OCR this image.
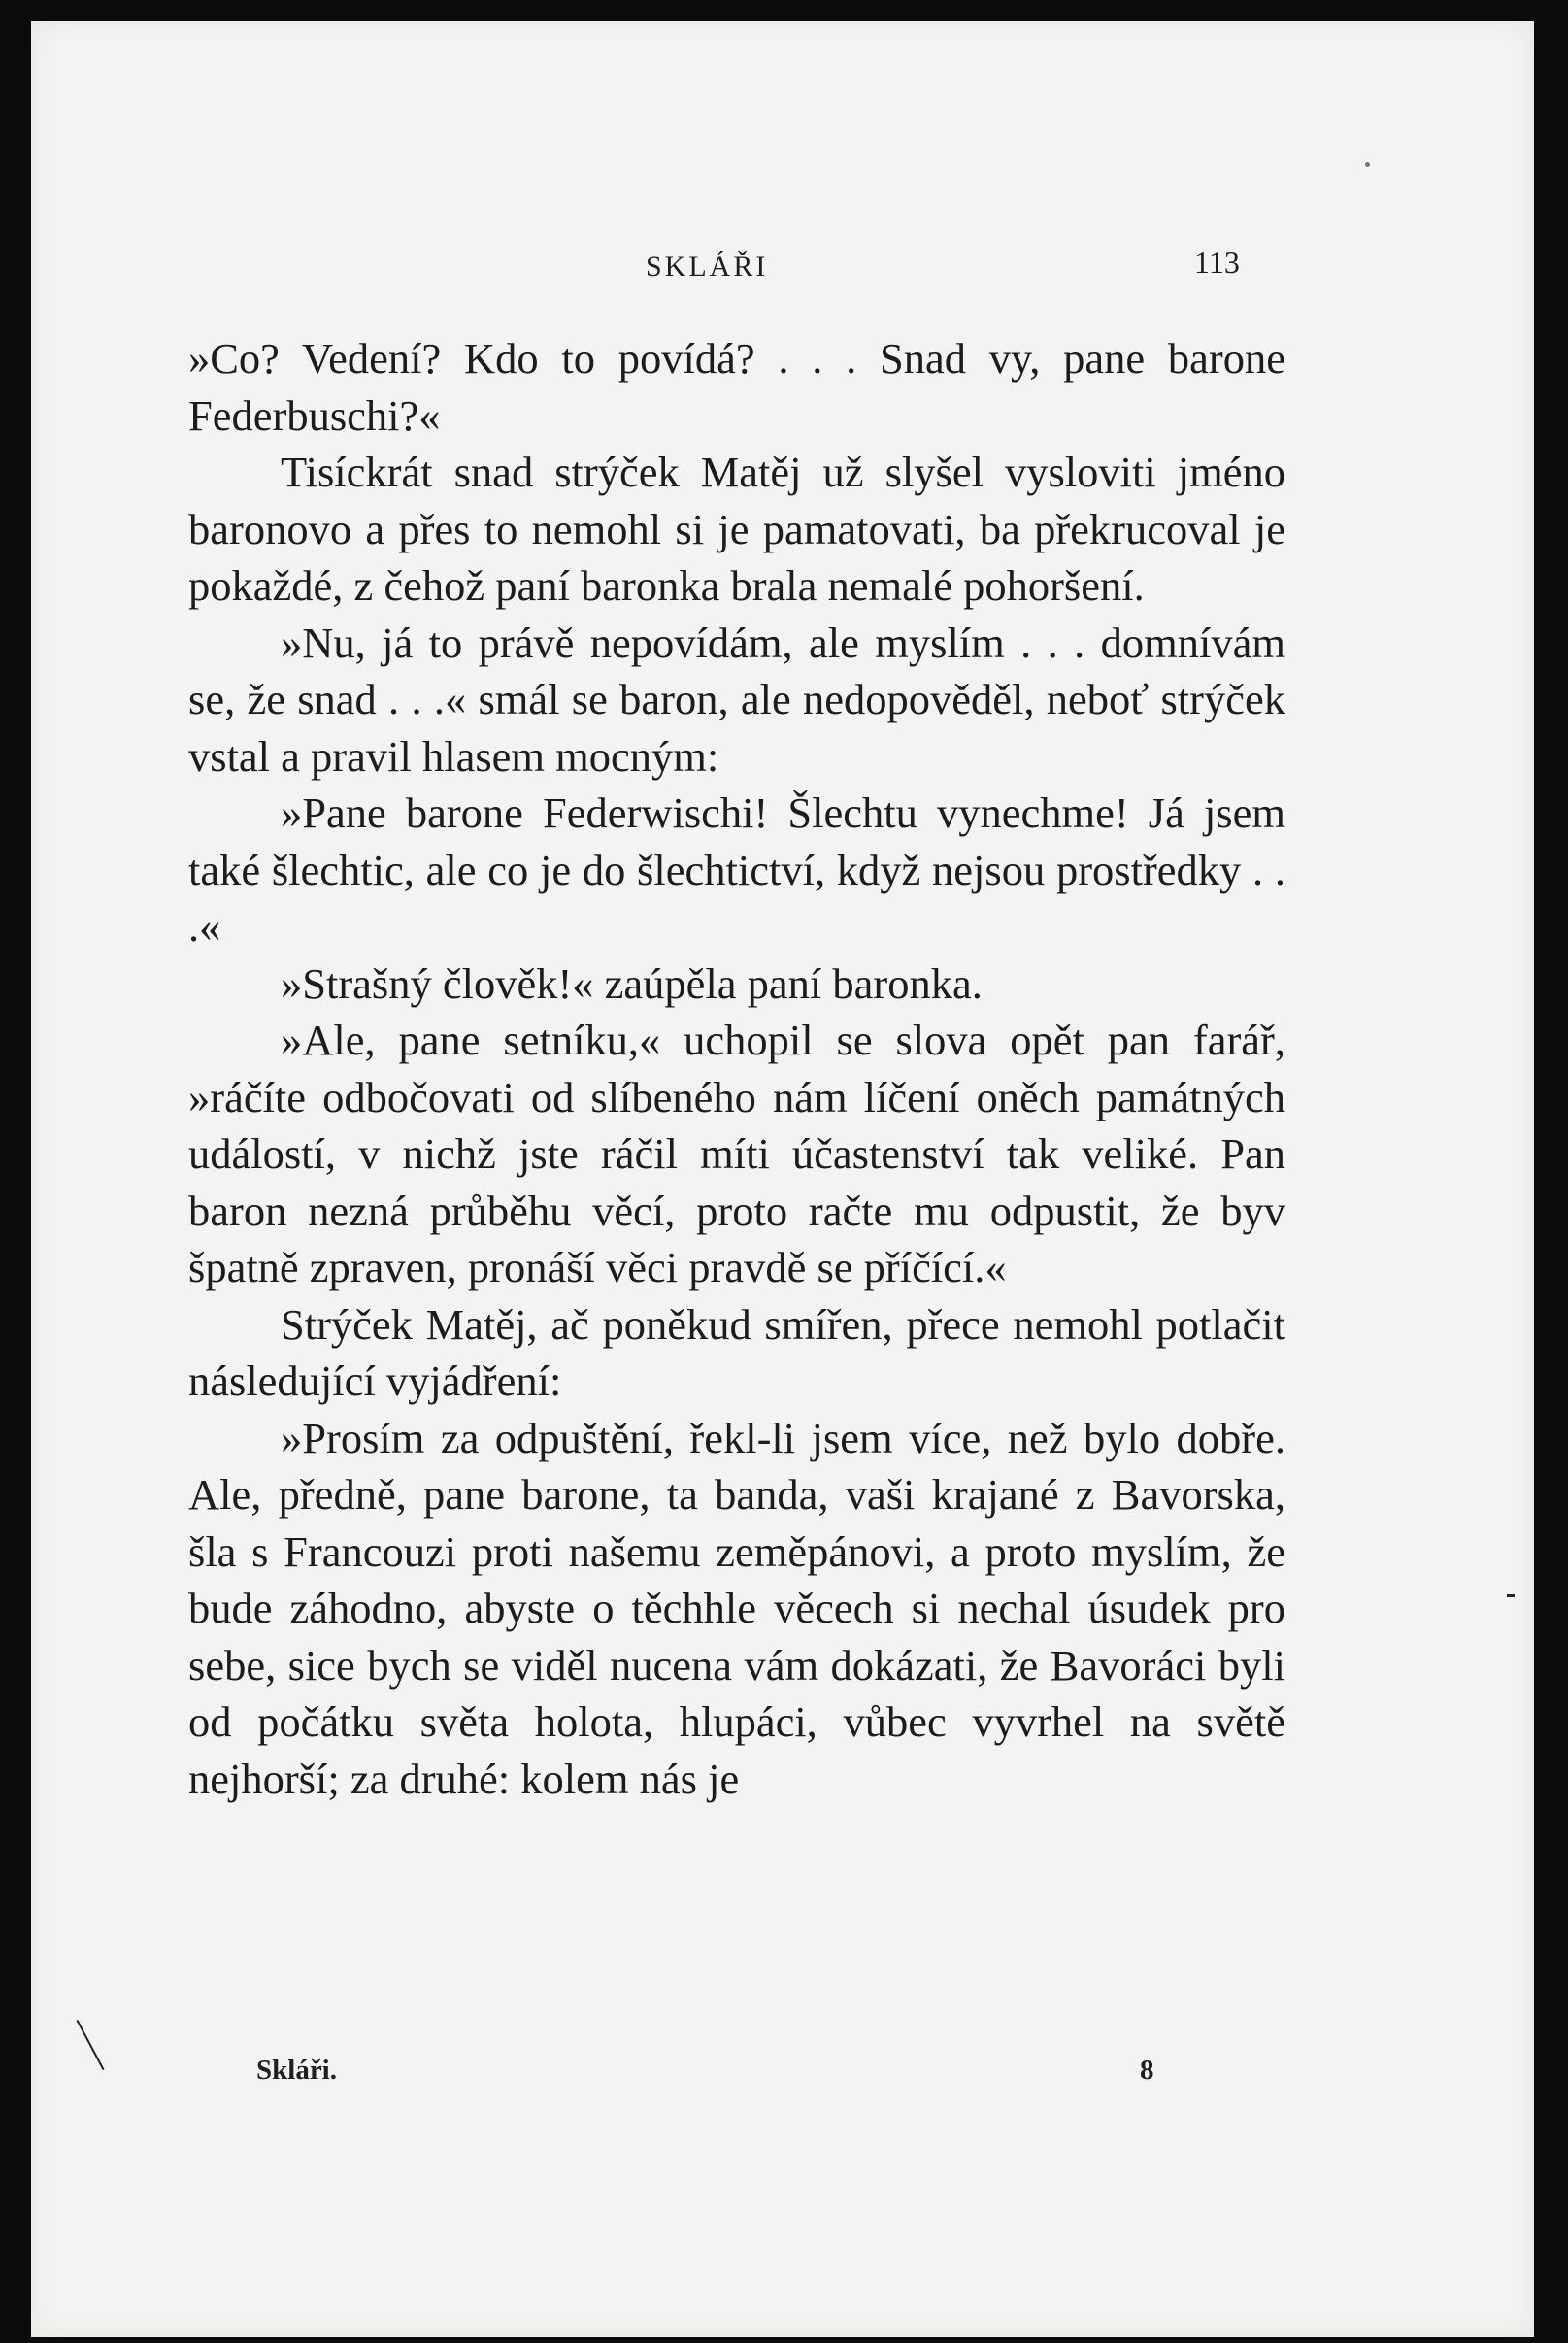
SKLÁŘI	113

»Co? Vedení? Kdo to povídá? . . . Snad vy, pane barone Federbuschi?«

Tisíckrát snad strýček Matěj už slyšel vysloviti jméno baronovo a přes to nemohl si je pamatovati, ba překrucoval je pokaždé, z čehož paní baronka brala nemalé pohoršení.

»Nu, já to právě nepovídám, ale myslím . . . domnívám se, že snad . . .« smál se baron, ale nedopověděl, neboť strýček vstal a pravil hlasem mocným:

»Pane barone Federwischi! Šlechtu vynechme! Já jsem také šlechtic, ale co je do šlechtictví, když nejsou prostředky . . .«

»Strašný člověk!« zaúpěla paní baronka.

»Ale, pane setníku,« uchopil se slova opět pan farář, »ráčíte odbočovati od slíbeného nám líčení oněch památných událostí, v nichž jste ráčil míti účastenství tak veliké. Pan baron nezná průběhu věcí, proto račte mu odpustit, že byv špatně zpraven, pronáší věci pravdě se příčící.«

Strýček Matěj, ač poněkud smířen, přece nemohl potlačit následující vyjádření:

»Prosím za odpuštění, řekl-li jsem více, než bylo dobře. Ale, předně, pane barone, ta banda, vaši krajané z Bavorska, šla s Francouzi proti našemu zeměpánovi, a proto myslím, že bude záhodno, abyste o těchhle věcech si nechal úsudek pro sebe, sice bych se viděl nucena vám dokázati, že Bavoráci byli od počátku světa holota, hlupáci, vůbec vyvrhel na světě nejhorší; za druhé: kolem nás je

Skláři.	8
